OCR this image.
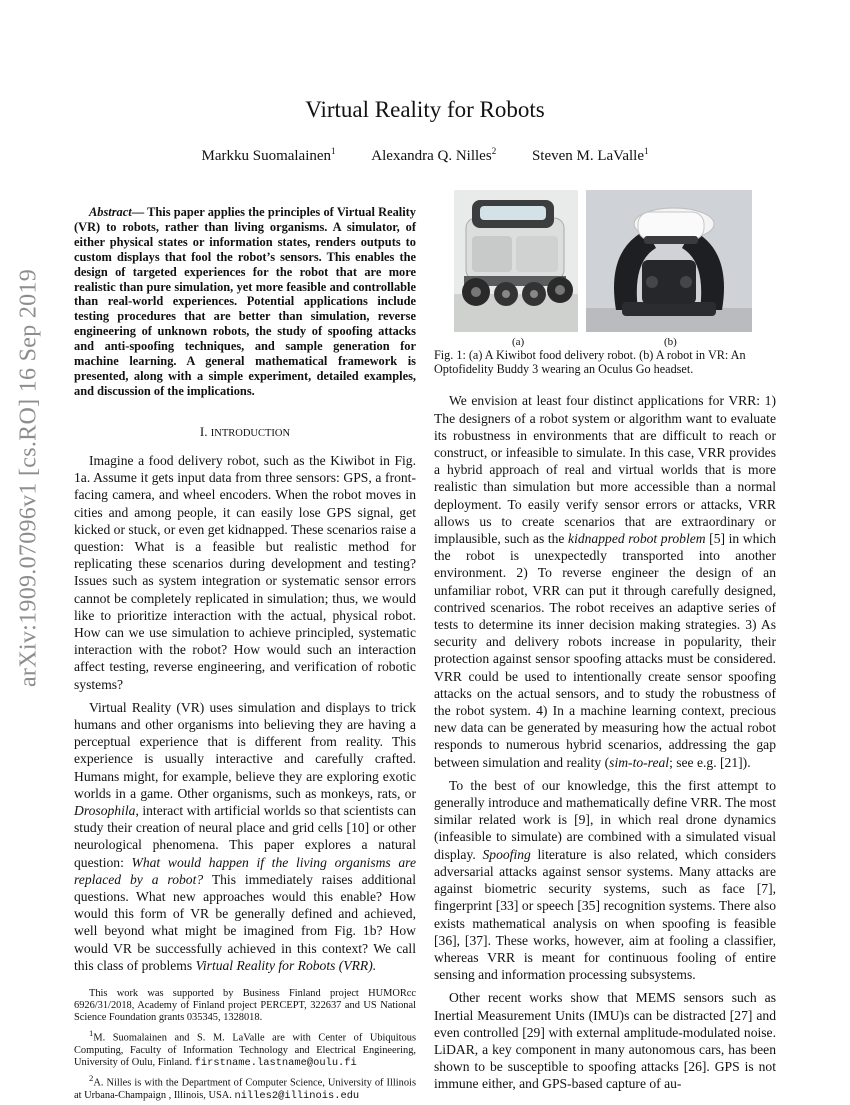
arXiv:1909.07096v1 [cs.RO] 16 Sep 2019
Virtual Reality for Robots
Markku Suomalainen$^1$ Alexandra Q. Nilles$^2$ Steven M. LaValle$^1$

Abstract— This paper applies the principles of Virtual Reality (VR) to robots, rather than living organisms. A simulator, of either physical states or information states, renders outputs to custom displays that fool the robot’s sensors. This enables the design of targeted experiences for the robot that are more realistic than pure simulation, yet more feasible and controllable than real-world experiences. Potential applications include testing procedures that are better than simulation, reverse engineering of unknown robots, the study of spoofing attacks and anti-spoofing techniques, and sample generation for machine learning. A general mathematical framework is presented, along with a simple experiment, detailed examples, and discussion of the implications.

I. INTRODUCTION

Imagine a food delivery robot, such as the Kiwibot in Fig. 1a. Assume it gets input data from three sensors: GPS, a front-facing camera, and wheel encoders. When the robot moves in cities and among people, it can easily lose GPS signal, get kicked or stuck, or even get kidnapped. These scenarios raise a question: What is a feasible but realistic method for replicating these scenarios during development and testing? Issues such as system integration or systematic sensor errors cannot be completely replicated in simulation; thus, we would like to prioritize interaction with the actual, physical robot. How can we use simulation to achieve principled, systematic interaction with the robot? How would such an interaction affect testing, reverse engineering, and verification of robotic systems?

Virtual Reality (VR) uses simulation and displays to trick humans and other organisms into believing they are having a perceptual experience that is different from reality. This experience is usually interactive and carefully crafted. Humans might, for example, believe they are exploring exotic worlds in a game. Other organisms, such as monkeys, rats, or Drosophila, interact with artificial worlds so that scientists can study their creation of neural place and grid cells [10] or other neurological phenomena. This paper explores a natural question: What would happen if the living organisms are replaced by a robot? This immediately raises additional questions. What new approaches would this enable? How would this form of VR be generally defined and achieved, well beyond what might be imagined from Fig. 1b? How would VR be successfully achieved in this context? We call this class of problems Virtual Reality for Robots (VRR).

This work was supported by Business Finland project HUMORcc 6926/31/2018, Academy of Finland project PERCEPT, 322637 and US National Science Foundation grants 035345, 1328018.

$^1$M. Suomalainen and S. M. LaValle are with Center of Ubiquitous Computing, Faculty of Information Technology and Electrical Engineering, University of Oulu, Finland. firstname.lastname@oulu.fi

$^2$A. Nilles is with the Department of Computer Science, University of Illinois at Urbana-Champaign , Illinois, USA. nilles2@illinois.edu

(a)	(b)

Fig. 1: (a) A Kiwibot food delivery robot. (b) A robot in VR: An Optofidelity Buddy 3 wearing an Oculus Go headset.

We envision at least four distinct applications for VRR: 1) The designers of a robot system or algorithm want to evaluate its robustness in environments that are difficult to reach or construct, or infeasible to simulate. In this case, VRR provides a hybrid approach of real and virtual worlds that is more realistic than simulation but more accessible than a normal deployment. To easily verify sensor errors or attacks, VRR allows us to create scenarios that are extraordinary or implausible, such as the kidnapped robot problem [5] in which the robot is unexpectedly transported into another environment. 2) To reverse engineer the design of an unfamiliar robot, VRR can put it through carefully designed, contrived scenarios. The robot receives an adaptive series of tests to determine its inner decision making strategies. 3) As security and delivery robots increase in popularity, their protection against sensor spoofing attacks must be considered. VRR could be used to intentionally create sensor spoofing attacks on the actual sensors, and to study the robustness of the robot system. 4) In a machine learning context, precious new data can be generated by measuring how the actual robot responds to numerous hybrid scenarios, addressing the gap between simulation and reality (sim-to-real; see e.g. [21]).

To the best of our knowledge, this the first attempt to generally introduce and mathematically define VRR. The most similar related work is [9], in which real drone dynamics (infeasible to simulate) are combined with a simulated visual display. Spoofing literature is also related, which considers adversarial attacks against sensor systems. Many attacks are against biometric security systems, such as face [7], fingerprint [33] or speech [35] recognition systems. There also exists mathematical analysis on when spoofing is feasible [36], [37]. These works, however, aim at fooling a classifier, whereas VRR is meant for continuous fooling of entire sensing and information processing subsystems.

Other recent works show that MEMS sensors such as Inertial Measurement Units (IMU)s can be distracted [27] and even controlled [29] with external amplitude-modulated noise. LiDAR, a key component in many autonomous cars, has been shown to be susceptible to spoofing attacks [26]. GPS is not immune either, and GPS-based capture of au-
